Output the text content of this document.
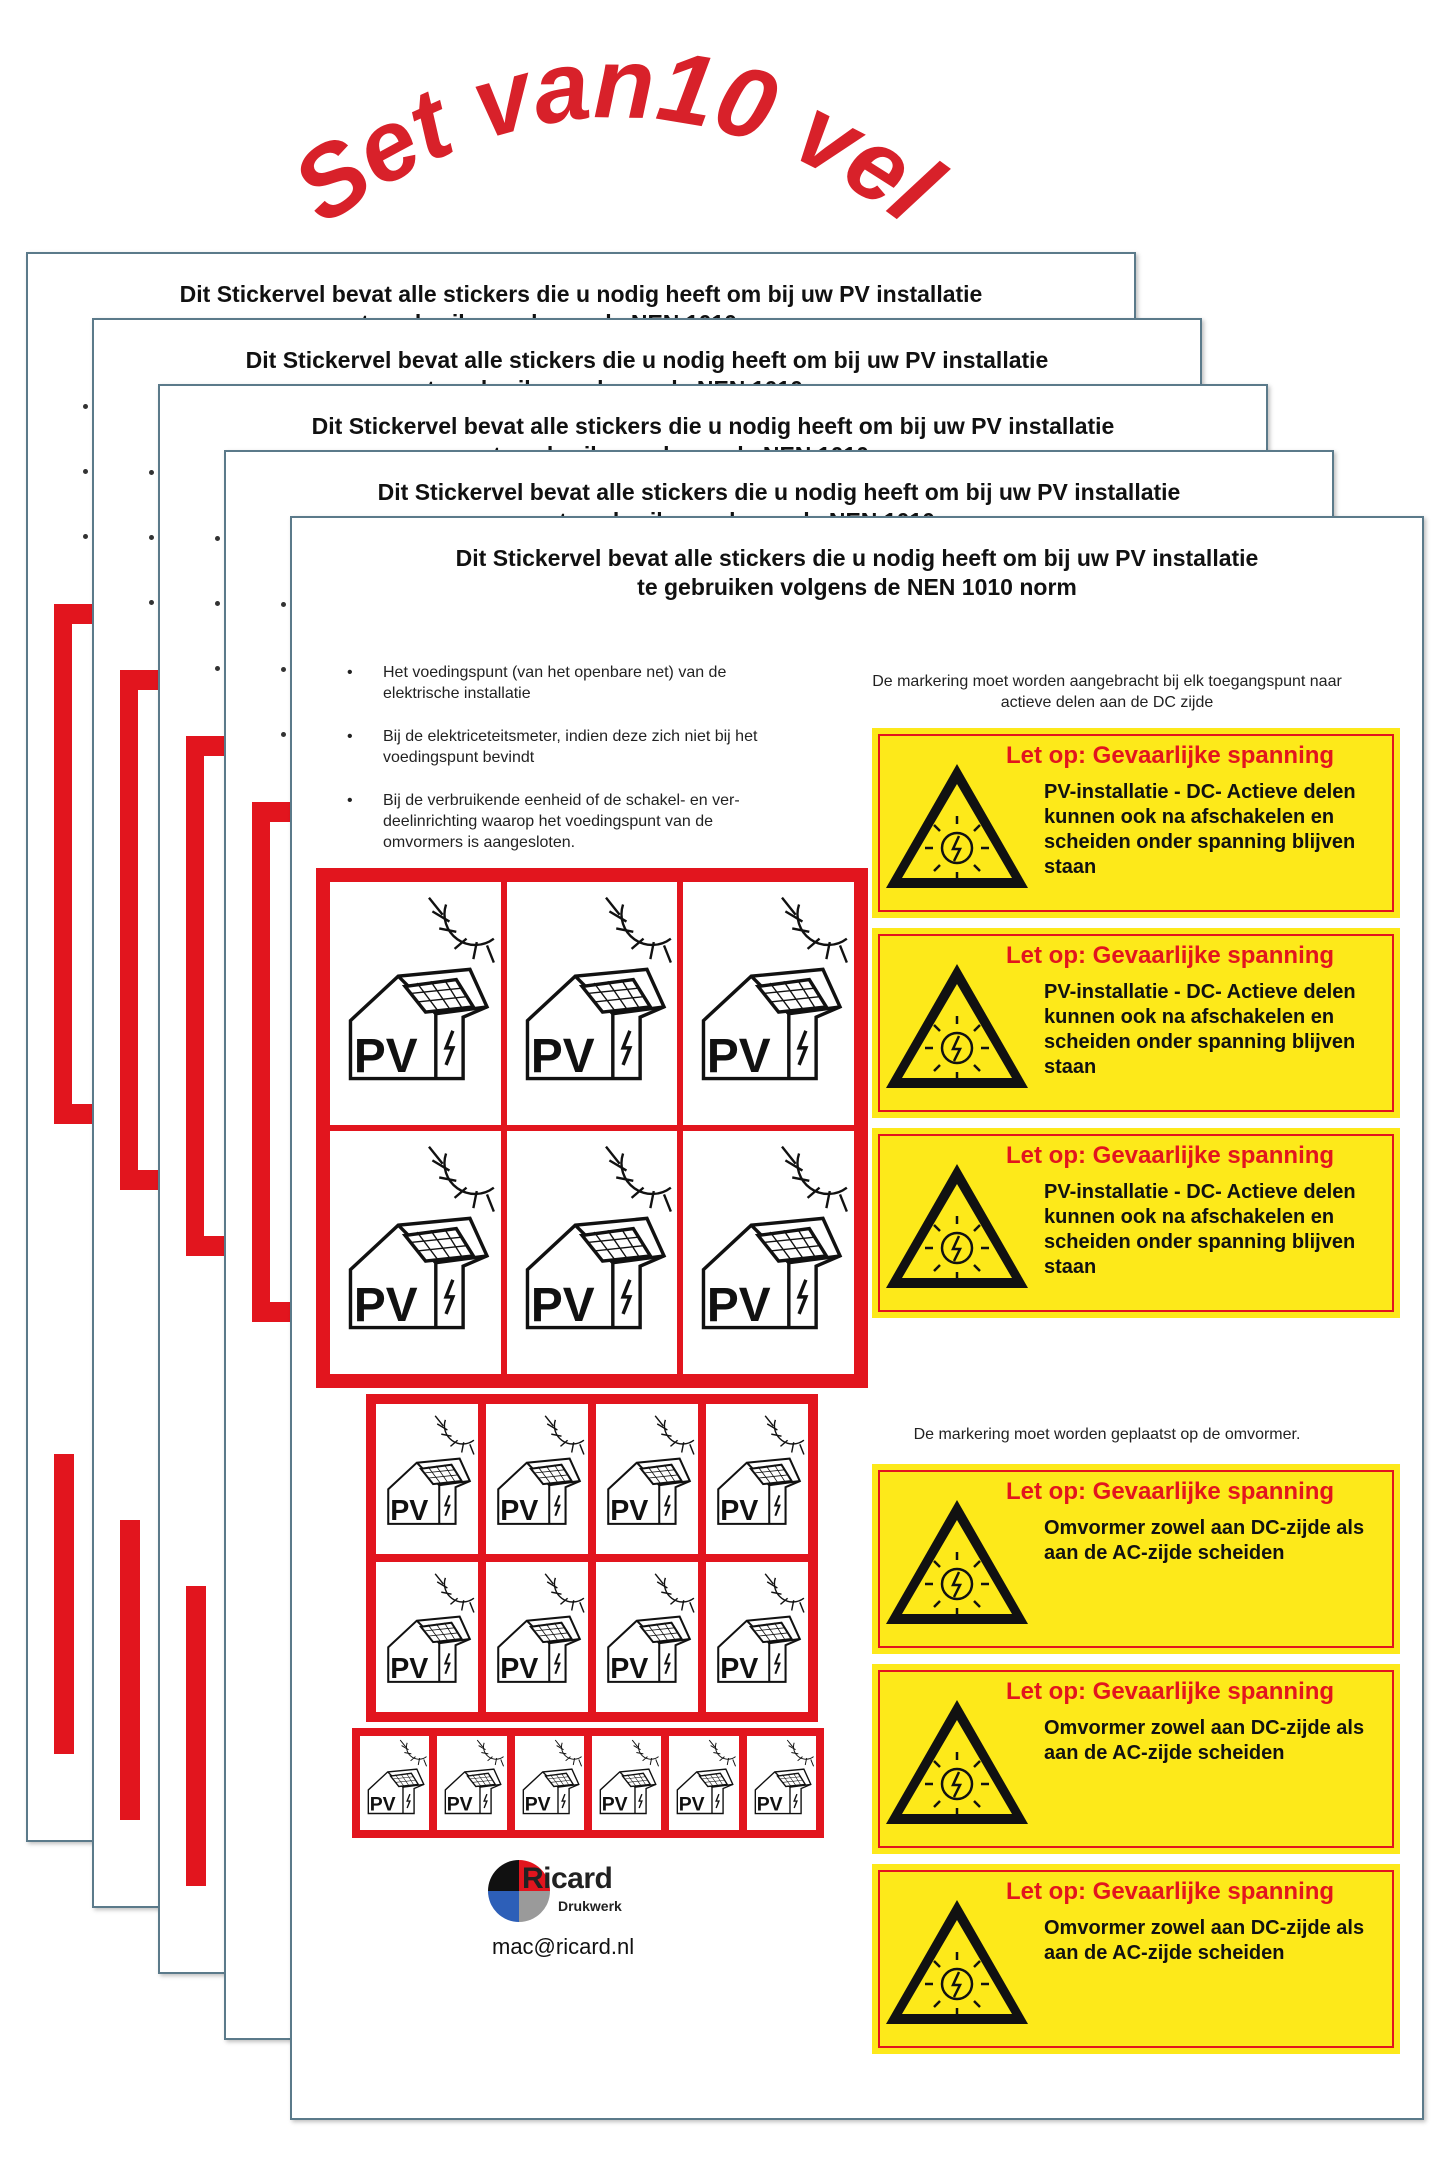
Set van10 vel
Dit Stickervel bevat alle stickers die u nodig heeft om bij uw PV installatie
Dit Stickervel bevat alle stickers die u nodig heeft om bij uw PV installatie
Dit Stickervel bevat alle stickers die u nodig heeft om bij uw PV installatie
Dit Stickervel bevat alle stickers die u nodig heeft om bij uw PV installatie
Dit Stickervel bevat alle stickers die u nodig heeft om bij uw PV installatie
te gebruiken volgens de NEN 1010 norm
• Het voedingspunt (van het openbare net) van de elektrische installatie
• Bij de elektriceteitsmeter, indien deze zich niet bij het voedingspunt bevindt
• Bij de verbruikende eenheid of de schakel- en ver-deelinrichting waarop het voedingspunt van de omvormers is aangesloten.
De markering moet worden aangebracht bij elk toegangspunt naar actieve delen aan de DC zijde
De markering moet worden geplaatst op de omvormer.
PV	PV	PV
PV	PV	PV
PV	PV	PV	PV
PV	PV	PV	PV
PV PV PV PV PV PV
Let op: Gevaarlijke spanning
PV-installatie - DC- Actieve delen kunnen ook na afschakelen en scheiden onder spanning blijven staan
Let op: Gevaarlijke spanning
PV-installatie - DC- Actieve delen kunnen ook na afschakelen en scheiden onder spanning blijven staan
Let op: Gevaarlijke spanning
PV-installatie - DC- Actieve delen kunnen ook na afschakelen en scheiden onder spanning blijven staan
Let op: Gevaarlijke spanning
Omvormer zowel aan DC-zijde als aan de AC-zijde scheiden
Let op: Gevaarlijke spanning
Omvormer zowel aan DC-zijde als aan de AC-zijde scheiden
Let op: Gevaarlijke spanning
Omvormer zowel aan DC-zijde als aan de AC-zijde scheiden
Ricard
Drukwerk
mac@ricard.nl
